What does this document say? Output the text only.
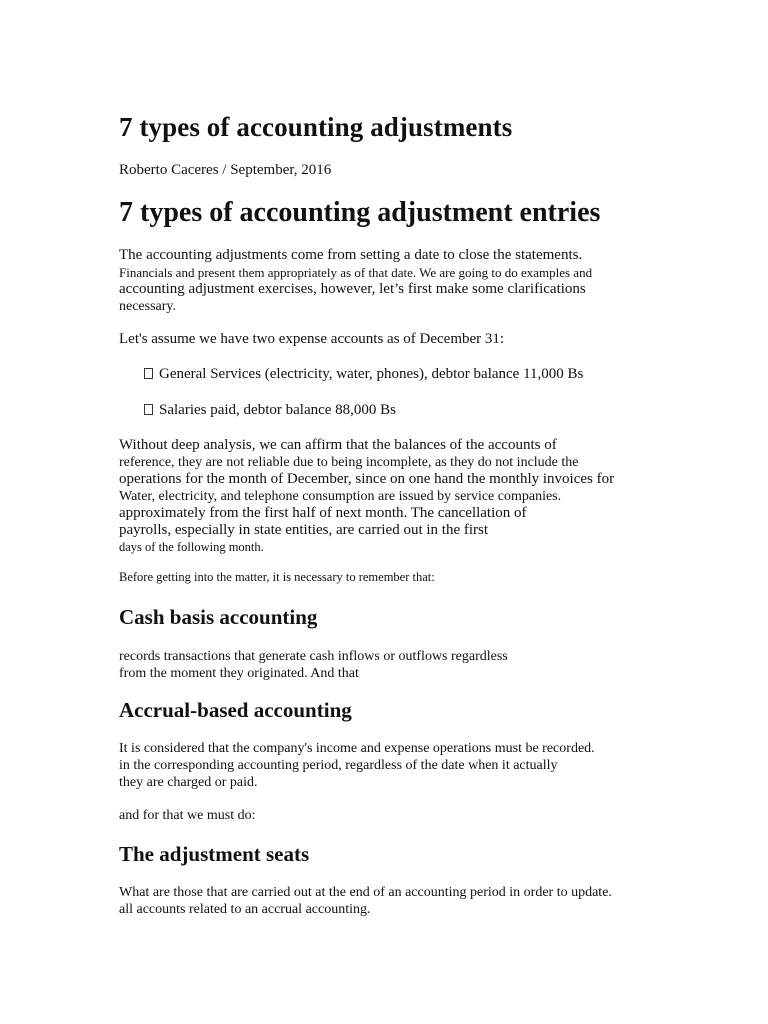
7 types of accounting adjustments
Roberto Caceres / September, 2016
7 types of accounting adjustment entries
The accounting adjustments come from setting a date to close the statements.
Financials and present them appropriately as of that date. We are going to do examples and
accounting adjustment exercises, however, let’s first make some clarifications
necessary.
Let's assume we have two expense accounts as of December 31:
General Services (electricity, water, phones), debtor balance 11,000 Bs
Salaries paid, debtor balance 88,000 Bs
Without deep analysis, we can affirm that the balances of the accounts of
reference, they are not reliable due to being incomplete, as they do not include the
operations for the month of December, since on one hand the monthly invoices for
Water, electricity, and telephone consumption are issued by service companies.
approximately from the first half of next month. The cancellation of
payrolls, especially in state entities, are carried out in the first
days of the following month.
Before getting into the matter, it is necessary to remember that:
Cash basis accounting
records transactions that generate cash inflows or outflows regardless
from the moment they originated. And that
Accrual-based accounting
It is considered that the company's income and expense operations must be recorded.
in the corresponding accounting period, regardless of the date when it actually
they are charged or paid.
and for that we must do:
The adjustment seats
What are those that are carried out at the end of an accounting period in order to update.
all accounts related to an accrual accounting.
